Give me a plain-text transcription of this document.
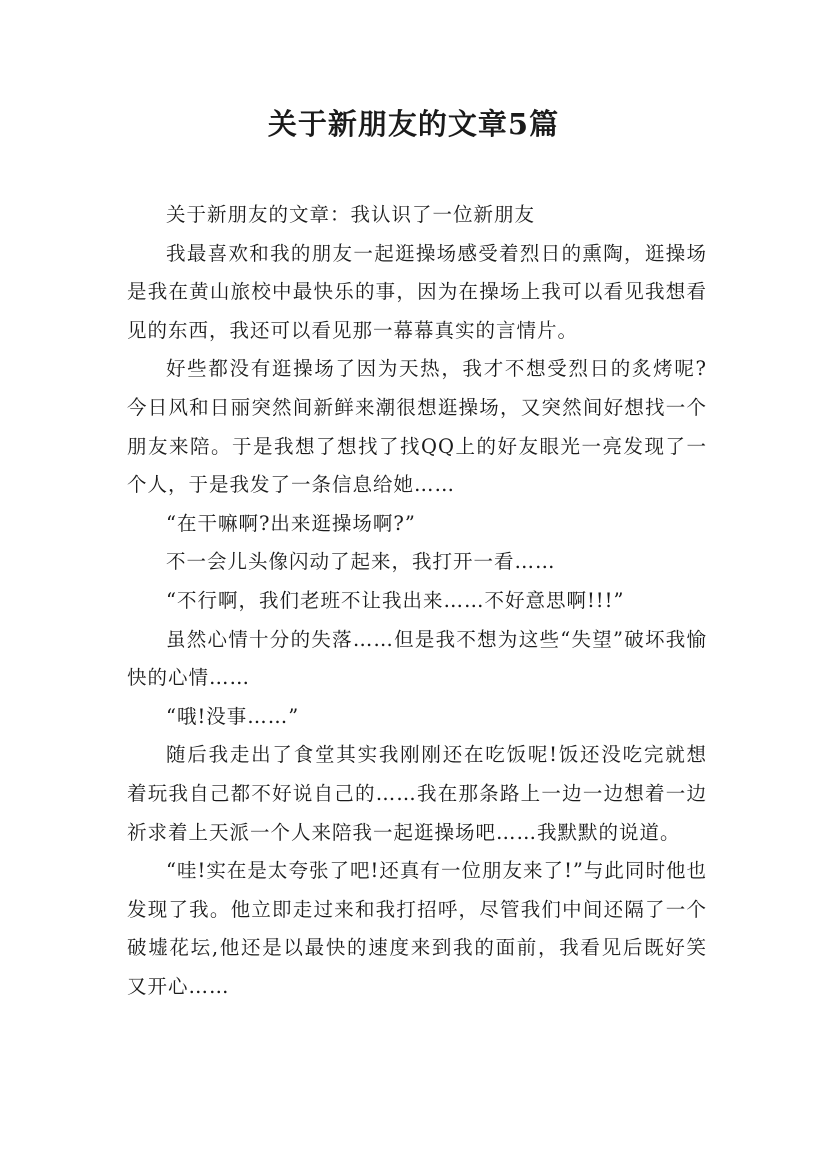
关于新朋友的文章5篇

关于新朋友的文章：我认识了一位新朋友

我最喜欢和我的朋友一起逛操场感受着烈日的熏陶，逛操场是我在黄山旅校中最快乐的事，因为在操场上我可以看见我想看见的东西，我还可以看见那一幕幕真实的言情片。

好些都没有逛操场了因为天热，我才不想受烈日的炙烤呢?今日风和日丽突然间新鲜来潮很想逛操场，又突然间好想找一个朋友来陪。于是我想了想找了找QQ上的好友眼光一亮发现了一个人，于是我发了一条信息给她……

“在干嘛啊?出来逛操场啊?”

不一会儿头像闪动了起来，我打开一看……

“不行啊，我们老班不让我出来……不好意思啊!!!”

虽然心情十分的失落……但是我不想为这些“失望”破坏我愉快的心情……

“哦!没事……”

随后我走出了食堂其实我刚刚还在吃饭呢!饭还没吃完就想着玩我自己都不好说自己的……我在那条路上一边一边想着一边祈求着上天派一个人来陪我一起逛操场吧……我默默的说道。

“哇!实在是太夸张了吧!还真有一位朋友来了!”与此同时他也发现了我。他立即走过来和我打招呼，尽管我们中间还隔了一个破墟花坛,他还是以最快的速度来到我的面前，我看见后既好笑又开心……
